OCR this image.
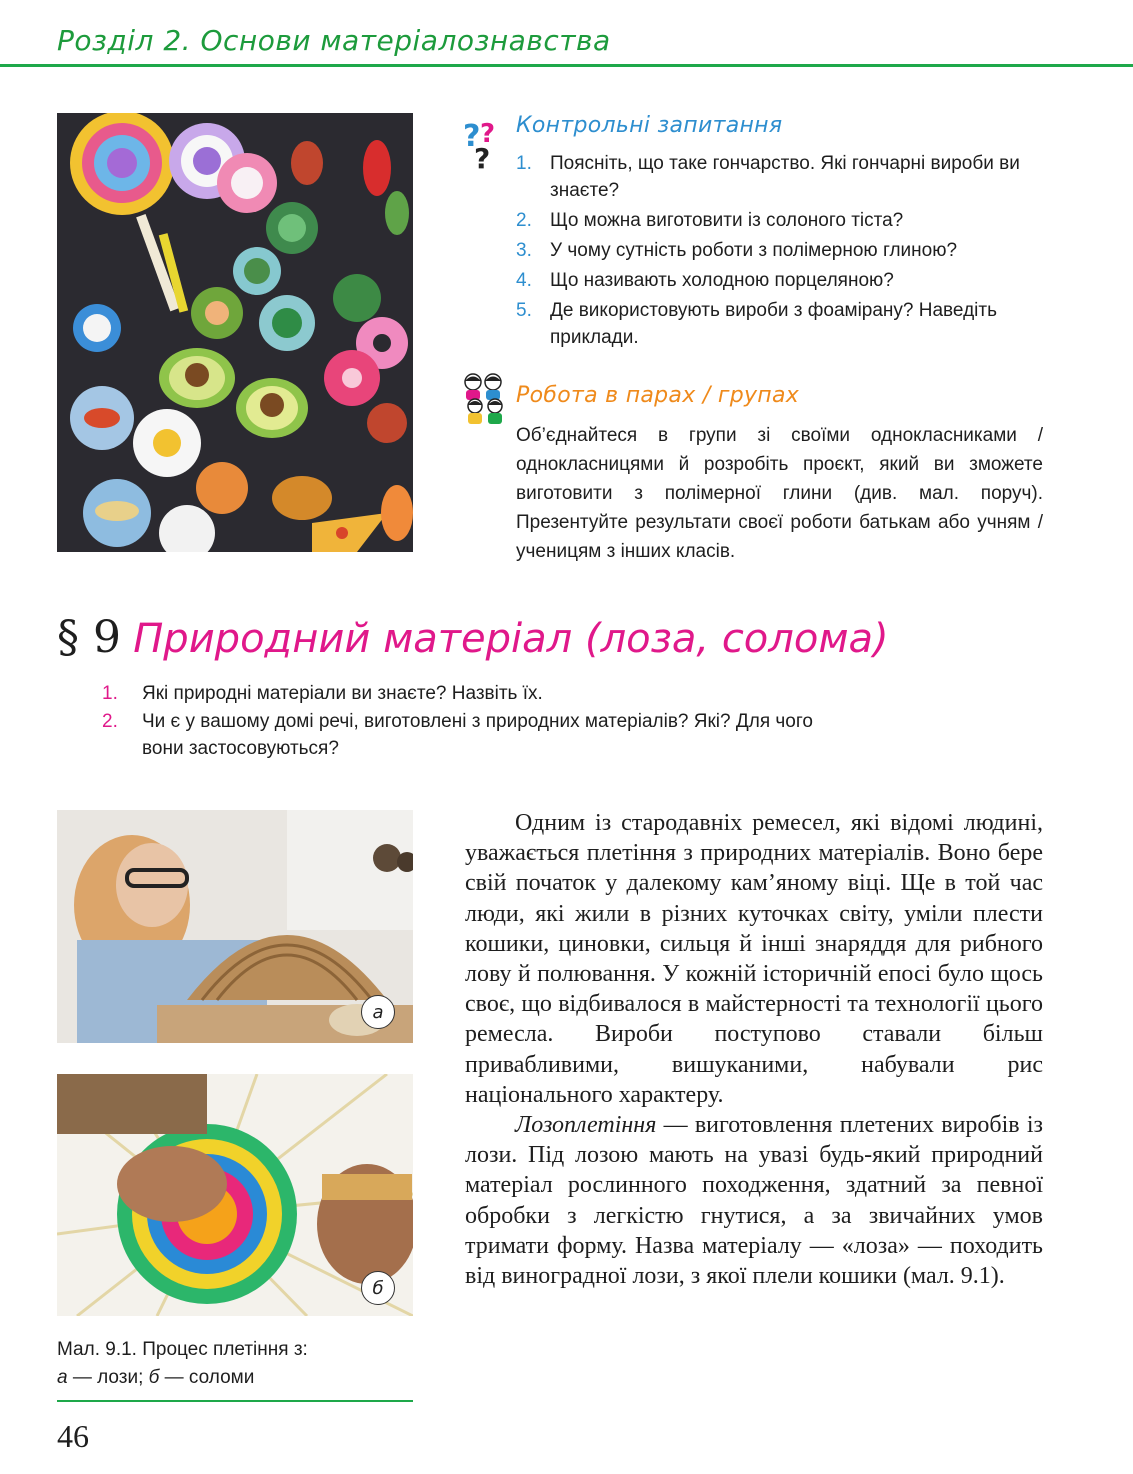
Розділ 2. Основи матеріалознавства
? ?
?
Контрольні запитання
1. Поясніть, що таке гончарство. Які гончарні вироби ви знаєте?
2. Що можна виготовити із солоного тіста?
3. У чому сутність роботи з полімерною глиною?
4. Що називають холодною порцеляною?
5. Де використовують вироби з фоамірану? Наведіть приклади.
Робота в парах / групах
Об’єднайтеся в групи зі своїми однокласниками / однокласницями й розробіть проєкт, який ви зможете виготовити з полімерної глини (див. мал. поруч). Презентуйте результати своєї роботи батькам або учням / ученицям з інших класів.
§ 9 Природний матеріал (лоза, солома)
1.	Які природні матеріали ви знаєте? Назвіть їх.
2.	Чи є у вашому домі речі, виготовлені з природних матеріалів? Які? Для чого вони застосовуються?
а
б

Одним із стародавніх ремесел, які відомі людині, уважається плетіння з природних матеріалів. Воно бере свій початок у далекому кам’яному віці. Ще в той час люди, які жили в різних куточках світу, уміли плести кошики, циновки, сильця й інші знаряддя для рибного лову й полювання. У кожній історичній епосі було щось своє, що відбивалося в майстерності та технології цього ремесла. Вироби поступово ставали більш привабливими, вишуканими, набували рис національного характеру.

Лозоплетіння — виготовлення плетених виробів із лози. Під лозою мають на увазі будь-який природний матеріал рослинного походження, здатний за певної обробки з легкістю гнутися, а за звичайних умов тримати форму. Назва матеріалу — «лоза» — походить від виноградної лози, з якої плели кошики (мал. 9.1).

Мал. 9.1. Процес плетіння з:
а — лози; б — соломи
46
